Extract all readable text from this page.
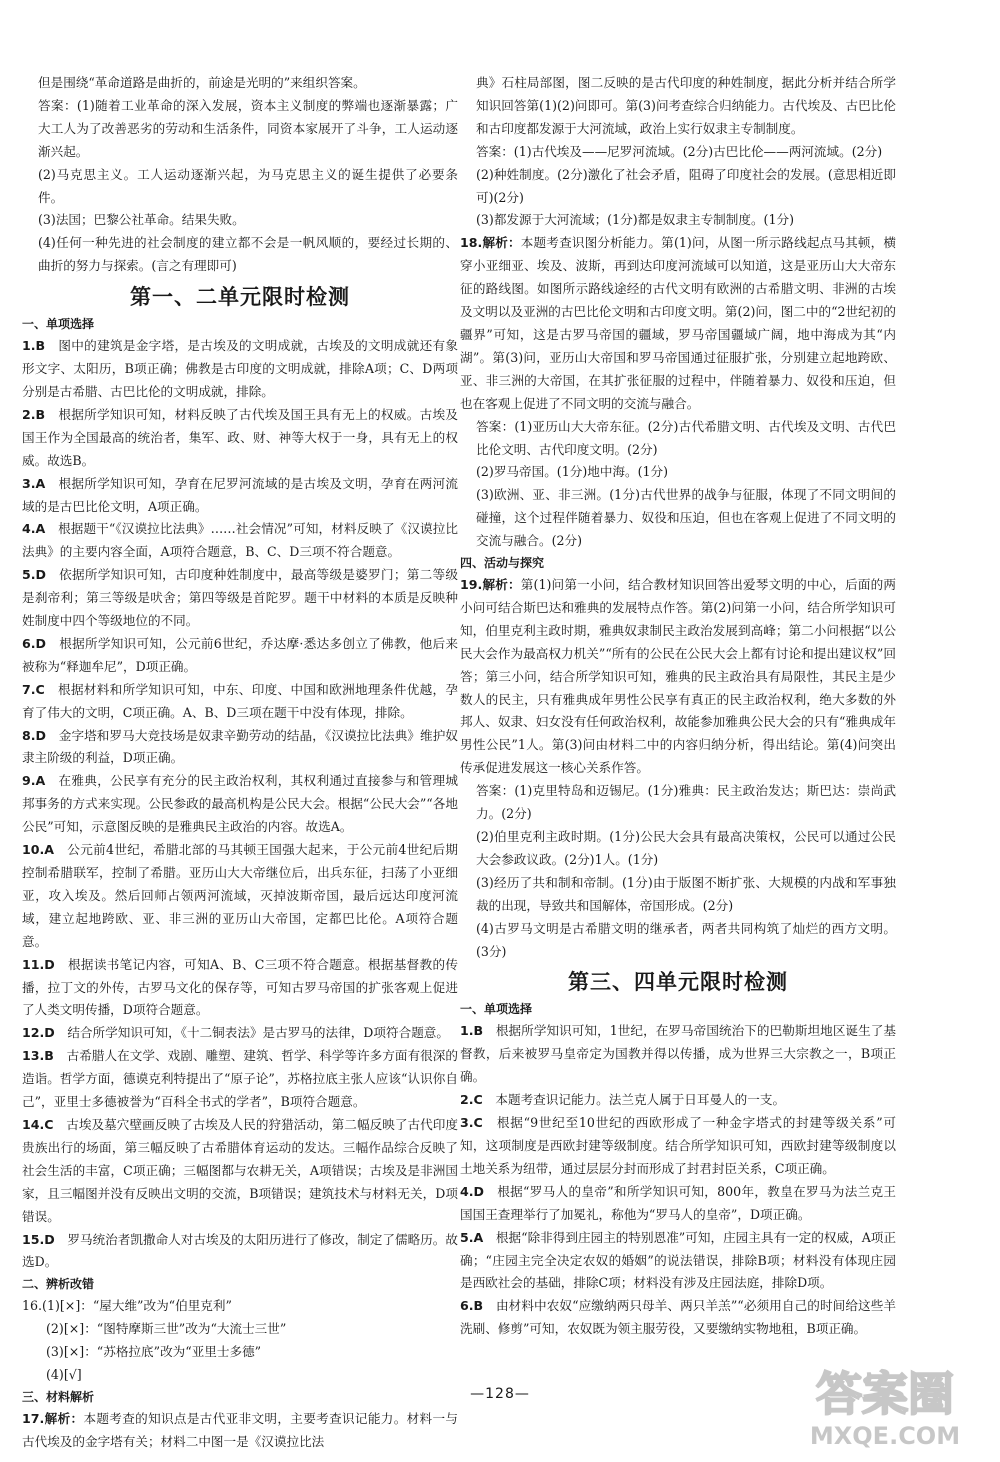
但是围绕“革命道路是曲折的，前途是光明的”来组织答案。

答案：(1)随着工业革命的深入发展，资本主义制度的弊端也逐渐暴露；广大工人为了改善恶劣的劳动和生活条件，同资本家展开了斗争，工人运动逐渐兴起。

(2)马克思主义。工人运动逐渐兴起，为马克思主义的诞生提供了必要条件。

(3)法国；巴黎公社革命。结果失败。

(4)任何一种先进的社会制度的建立都不会是一帆风顺的，要经过长期的、曲折的努力与探索。(言之有理即可)

第一、二单元限时检测

一、单项选择

1.B　 图中的建筑是金字塔，是古埃及的文明成就，古埃及的文明成就还有象形文字、太阳历，B项正确；佛教是古印度的文明成就，排除A项；C、D两项分别是古希腊、古巴比伦的文明成就，排除。

2.B　 根据所学知识可知，材料反映了古代埃及国王具有无上的权威。古埃及国王作为全国最高的统治者，集军、政、财、神等大权于一身，具有无上的权威。故选B。

3.A　 根据所学知识可知，孕育在尼罗河流域的是古埃及文明，孕育在两河流域的是古巴比伦文明，A项正确。

4.A　 根据题干“《汉谟拉比法典》……社会情况”可知，材料反映了《汉谟拉比法典》的主要内容全面，A项符合题意，B、C、D三项不符合题意。

5.D　 依据所学知识可知，古印度种姓制度中，最高等级是婆罗门；第二等级是刹帝利；第三等级是吠舍；第四等级是首陀罗。题干中材料的本质是反映种姓制度中四个等级地位的不同。

6.D　 根据所学知识可知，公元前6世纪，乔达摩·悉达多创立了佛教，他后来被称为“释迦牟尼”，D项正确。

7.C　 根据材料和所学知识可知，中东、印度、中国和欧洲地理条件优越，孕育了伟大的文明，C项正确。A、B、D三项在题干中没有体现，排除。

8.D　 金字塔和罗马大竞技场是奴隶辛勤劳动的结晶，《汉谟拉比法典》维护奴隶主阶级的利益，D项正确。

9.A　 在雅典，公民享有充分的民主政治权利，其权利通过直接参与和管理城邦事务的方式来实现。公民参政的最高机构是公民大会。根据“公民大会”“各地公民”可知，示意图反映的是雅典民主政治的内容。故选A。

10.A　 公元前4世纪，希腊北部的马其顿王国强大起来，于公元前4世纪后期控制希腊联军，控制了希腊。亚历山大大帝继位后，出兵东征，扫荡了小亚细亚，攻入埃及。然后回师占领两河流域，灭掉波斯帝国，最后远达印度河流域，建立起地跨欧、亚、非三洲的亚历山大帝国，定都巴比伦。A项符合题意。

11.D　 根据读书笔记内容，可知A、B、C三项不符合题意。根据基督教的传播，拉丁文的外传，古罗马文化的保存等，可知古罗马帝国的扩张客观上促进了人类文明传播，D项符合题意。

12.D　 结合所学知识可知，《十二铜表法》是古罗马的法律，D项符合题意。

13.B　 古希腊人在文学、戏剧、雕塑、建筑、哲学、科学等许多方面有很深的造诣。哲学方面，德谟克利特提出了“原子论”，苏格拉底主张人应该“认识你自己”，亚里士多德被誉为“百科全书式的学者”，B项符合题意。

14.C　 古埃及墓穴壁画反映了古埃及人民的狩猎活动，第二幅反映了古代印度贵族出行的场面，第三幅反映了古希腊体育运动的发达。三幅作品综合反映了社会生活的丰富，C项正确；三幅图都与农耕无关，A项错误；古埃及是非洲国家，且三幅图并没有反映出文明的交流，B项错误；建筑技术与材料无关，D项错误。

15.D　 罗马统治者凯撒命人对古埃及的太阳历进行了修改，制定了儒略历。故选D。

二、辨析改错

16.(1)[×]：“屋大维”改为“伯里克利”

(2)[×]：“图特摩斯三世”改为“大流士三世”

(3)[×]：“苏格拉底”改为“亚里士多德”

(4)[√]

三、材料解析

17.解析：本题考查的知识点是古代亚非文明，主要考查识记能力。材料一与古代埃及的金字塔有关；材料二中图一是《汉谟拉比法

典》石柱局部图，图二反映的是古代印度的种姓制度，据此分析并结合所学知识回答第(1)(2)问即可。第(3)问考查综合归纳能力。古代埃及、古巴比伦和古印度都发源于大河流域，政治上实行奴隶主专制制度。

答案：(1)古代埃及——尼罗河流域。(2分)古巴比伦——两河流域。(2分)

(2)种姓制度。(2分)激化了社会矛盾，阻碍了印度社会的发展。(意思相近即可)(2分)

(3)都发源于大河流域；(1分)都是奴隶主专制制度。(1分)

18.解析：本题考查识图分析能力。第(1)问，从图一所示路线起点马其顿，横穿小亚细亚、埃及、波斯，再到达印度河流域可以知道，这是亚历山大大帝东征的路线图。如图所示路线途经的古代文明有欧洲的古希腊文明、非洲的古埃及文明以及亚洲的古巴比伦文明和古印度文明。第(2)问，图二中的“2世纪初的疆界”可知，这是古罗马帝国的疆域，罗马帝国疆域广阔，地中海成为其“内湖”。第(3)问，亚历山大帝国和罗马帝国通过征服扩张，分别建立起地跨欧、亚、非三洲的大帝国，在其扩张征服的过程中，伴随着暴力、奴役和压迫，但也在客观上促进了不同文明的交流与融合。

答案：(1)亚历山大大帝东征。(2分)古代希腊文明、古代埃及文明、古代巴比伦文明、古代印度文明。(2分)

(2)罗马帝国。(1分)地中海。(1分)

(3)欧洲、亚、非三洲。(1分)古代世界的战争与征服，体现了不同文明间的碰撞，这个过程伴随着暴力、奴役和压迫，但也在客观上促进了不同文明的交流与融合。(2分)

四、活动与探究

19.解析：第(1)问第一小问，结合教材知识回答出爱琴文明的中心，后面的两小问可结合斯巴达和雅典的发展特点作答。第(2)问第一小问，结合所学知识可知，伯里克利主政时期，雅典奴隶制民主政治发展到高峰；第二小问根据“以公民大会作为最高权力机关”“所有的公民在公民大会上都有讨论和提出建议权”回答；第三小问，结合所学知识可知，雅典的民主政治具有局限性，其民主是少数人的民主，只有雅典成年男性公民享有真正的民主政治权利，绝大多数的外邦人、奴隶、妇女没有任何政治权利，故能参加雅典公民大会的只有“雅典成年男性公民”1人。第(3)问由材料二中的内容归纳分析，得出结论。第(4)问突出传承促进发展这一核心关系作答。

答案：(1)克里特岛和迈锡尼。(1分)雅典：民主政治发达；斯巴达：崇尚武力。(2分)

(2)伯里克利主政时期。(1分)公民大会具有最高决策权，公民可以通过公民大会参政议政。(2分)1人。(1分)

(3)经历了共和制和帝制。(1分)由于版图不断扩张、大规模的内战和军事独裁的出现，导致共和国解体，帝国形成。(2分)

(4)古罗马文明是古希腊文明的继承者，两者共同构筑了灿烂的西方文明。(3分)

第三、四单元限时检测

一、单项选择

1.B　 根据所学知识可知，1世纪，在罗马帝国统治下的巴勒斯坦地区诞生了基督教，后来被罗马皇帝定为国教并得以传播，成为世界三大宗教之一，B项正确。

2.C　 本题考查识记能力。法兰克人属于日耳曼人的一支。

3.C　 根据“9世纪至10世纪的西欧形成了一种金字塔式的封建等级关系”可知，这项制度是西欧封建等级制度。结合所学知识可知，西欧封建等级制度以土地关系为纽带，通过层层分封而形成了封君封臣关系，C项正确。

4.D　 根据“罗马人的皇帝”和所学知识可知，800年，教皇在罗马为法兰克王国国王查理举行了加冕礼，称他为“罗马人的皇帝”，D项正确。

5.A　 根据“除非得到庄园主的特别恩准”可知，庄园主具有一定的权威，A项正确；“庄园主完全决定农奴的婚姻”的说法错误，排除B项；材料没有体现庄园是西欧社会的基础，排除C项；材料没有涉及庄园法庭，排除D项。

6.B　 由材料中农奴“应缴纳两只母羊、两只羊羔”“必须用自己的时间给这些羊洗刷、修剪”可知，农奴既为领主服劳役，又要缴纳实物地租，B项正确。

—128—	答案圈
MXQE.COM
